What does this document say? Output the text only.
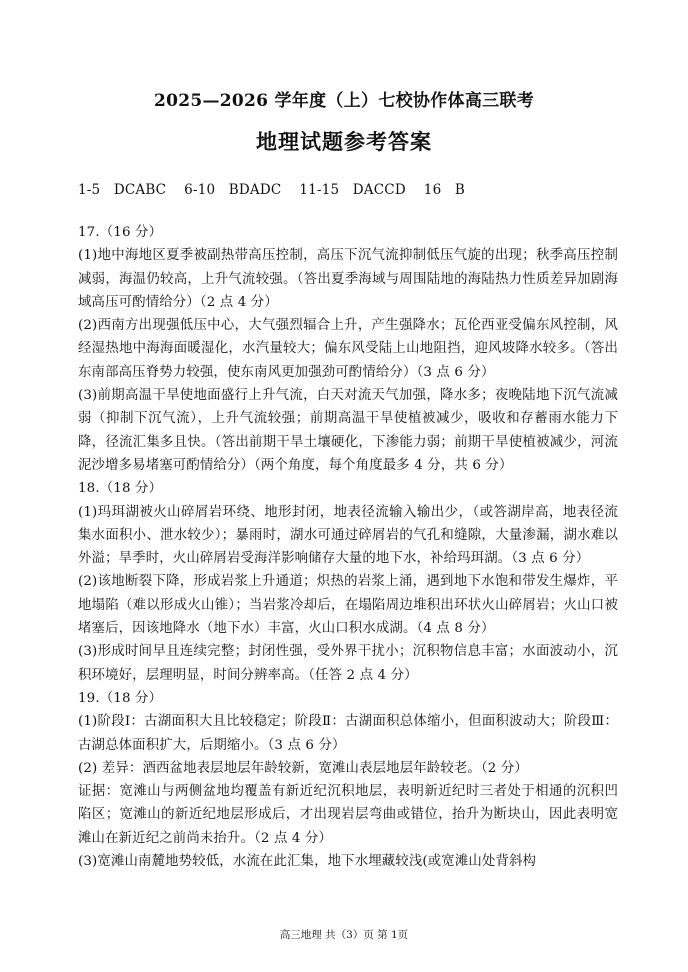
2025—2026 学年度（上）七校协作体高三联考
地理试题参考答案
1-5   DCABC    6-10   BDADC    11-15   DACCD    16   B

17.（16 分）

(1)地中海地区夏季被副热带高压控制，高压下沉气流抑制低压气旋的出现；秋季高压控制减弱，海温仍较高，上升气流较强。（答出夏季海域与周围陆地的海陆热力性质差异加剧海域高压可酌情给分）（2 点 4 分）

(2)西南方出现强低压中心，大气强烈辐合上升，产生强降水；瓦伦西亚受偏东风控制，风经湿热地中海海面暖湿化，水汽量较大；偏东风受陆上山地阻挡，迎风坡降水较多。（答出东南部高压脊势力较强，使东南风更加强劲可酌情给分）（3 点 6 分）

(3)前期高温干旱使地面盛行上升气流，白天对流天气加强，降水多；夜晚陆地下沉气流减弱（抑制下沉气流），上升气流较强；前期高温干旱使植被减少，吸收和存蓄雨水能力下降，径流汇集多且快。（答出前期干旱土壤硬化，下渗能力弱；前期干旱使植被减少，河流泥沙增多易堵塞可酌情给分）（两个角度，每个角度最多 4 分，共 6 分）

18.（18 分）

(1)玛珥湖被火山碎屑岩环绕、地形封闭，地表径流输入输出少，（或答湖岸高，地表径流集水面积小、泄水较少）；暴雨时，湖水可通过碎屑岩的气孔和缝隙，大量渗漏，湖水难以外溢；旱季时，火山碎屑岩受海洋影响储存大量的地下水，补给玛珥湖。（3 点 6 分）

(2)该地断裂下降，形成岩浆上升通道；炽热的岩浆上涌，遇到地下水饱和带发生爆炸，平地塌陷（难以形成火山锥）；当岩浆冷却后，在塌陷周边堆积出环状火山碎屑岩；火山口被堵塞后，因该地降水（地下水）丰富，火山口积水成湖。（4 点 8 分）

(3)形成时间早且连续完整；封闭性强，受外界干扰小；沉积物信息丰富；水面波动小，沉积环境好，层理明显，时间分辨率高。（任答 2 点 4 分）

19.（18 分）

(1)阶段Ⅰ：古湖面积大且比较稳定；阶段Ⅱ：古湖面积总体缩小，但面积波动大；阶段Ⅲ：古湖总体面积扩大，后期缩小。（3 点 6 分）

(2) 差异：酒西盆地表层地层年龄较新，宽滩山表层地层年龄较老。（2 分）

证据：宽滩山与两侧盆地均覆盖有新近纪沉积地层，表明新近纪时三者处于相通的沉积凹陷区；宽滩山的新近纪地层形成后，才出现岩层弯曲或错位，抬升为断块山，因此表明宽滩山在新近纪之前尚未抬升。（2 点 4 分）

(3)宽滩山南麓地势较低，水流在此汇集，地下水埋藏较浅(或宽滩山处背斜构

高三地理 共（3）页 第 1页
